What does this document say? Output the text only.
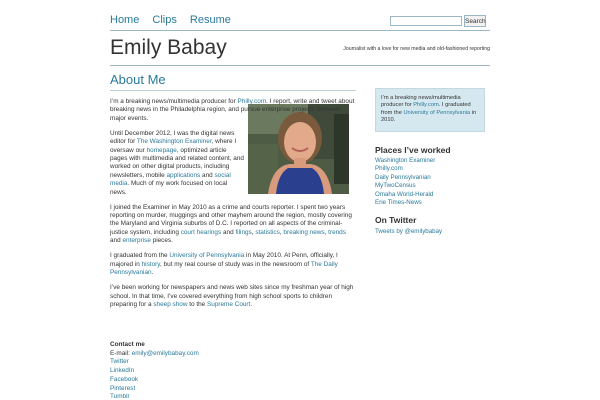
Home Clips Resume	Search
Emily Babay	Journalist with a love for new media and old-fashioned reporting
About Me

I’m a breaking news/multimedia producer for Philly.com. I report, write and tweet about breaking news in the Philadelphia region, and pursue enterprise projects between major events.

Until December 2012, I was the digital news editor for The Washington Examiner, where I oversaw our homepage, optimized article pages with multimedia and related content, and worked on other digital products, including newsletters, mobile applications and social media. Much of my work focused on local news.

I joined the Examiner in May 2010 as a crime and courts reporter. I spent two years reporting on murder, muggings and other mayhem around the region, mostly covering the Maryland and Virginia suburbs of D.C. I reported on all aspects of the criminal-justice system, including court hearings and filings, statistics, breaking news, trends and enterprise pieces.

I graduated from the University of Pennsylvania in May 2010. At Penn, officially, I majored in history, but my real course of study was in the newsroom of The Daily Pennsylvanian.

I’ve been working for newspapers and news web sites since my freshman year of high school. In that time, I’ve covered everything from high school sports to children preparing for a sheep show to the Supreme Court.

Contact me
E-mail: emily@emilybabay.com
Twitter
LinkedIn
Facebook
Pinterest
Tumblr
I’m a breaking news/multimedia producer for Philly.com. I graduated from the University of Pennsylvania in 2010.
Places I’ve worked
Washington Examiner
Philly.com
Daily Pennsylvanian
MyTwoCensus
Omaha World-Herald
Erie Times-News
On Twitter
Tweets by @emilybabay
